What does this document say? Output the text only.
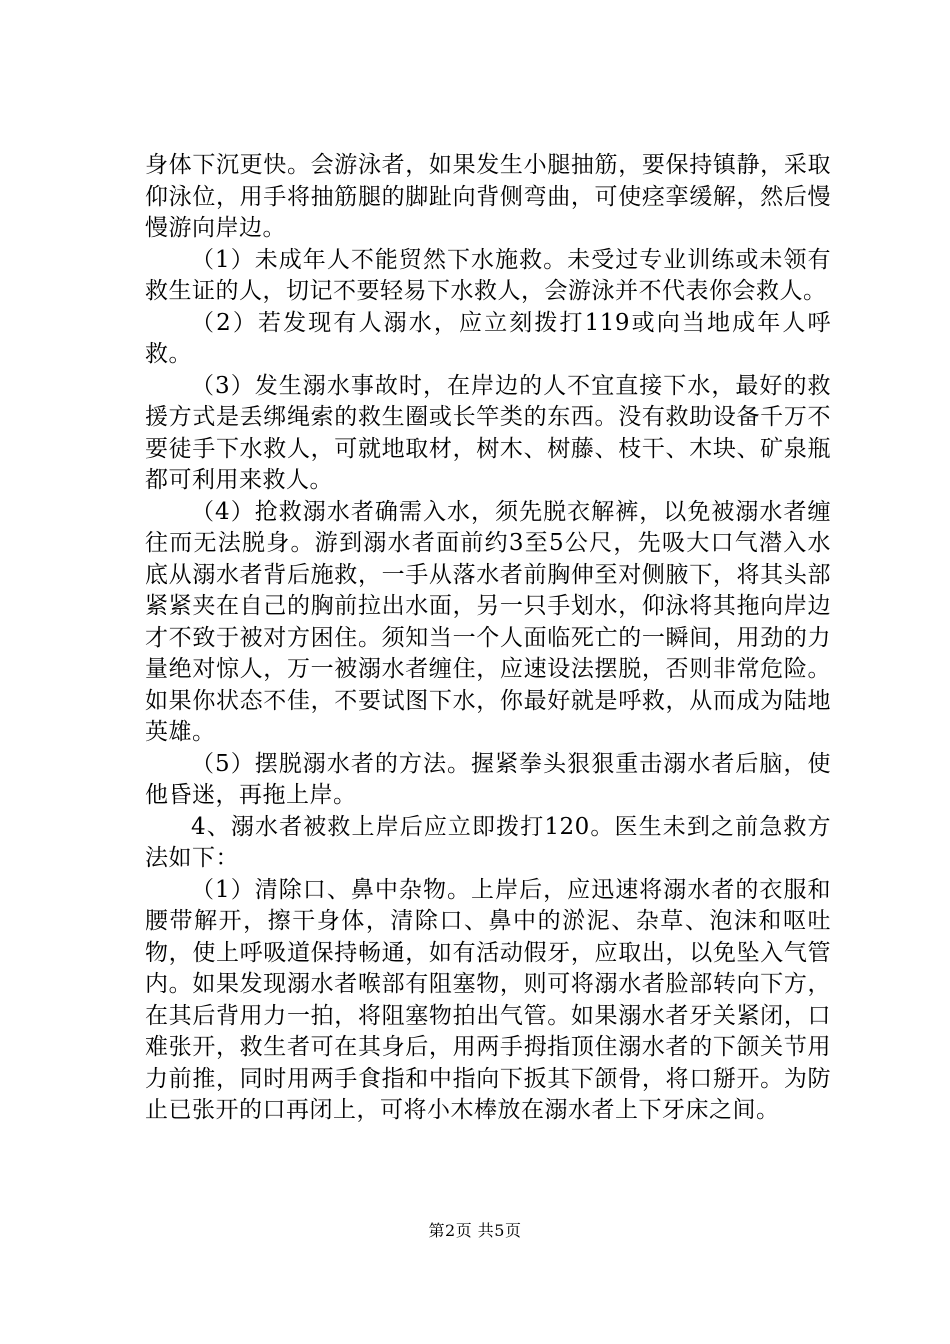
身体下沉更快。会游泳者，如果发生小腿抽筋，要保持镇静，采取仰泳位，用手将抽筋腿的脚趾向背侧弯曲，可使痉挛缓解，然后慢慢游向岸边。

（1）未成年人不能贸然下水施救。未受过专业训练或未领有救生证的人，切记不要轻易下水救人，会游泳并不代表你会救人。

（2）若发现有人溺水，应立刻拨打119或向当地成年人呼救。

（3）发生溺水事故时，在岸边的人不宜直接下水，最好的救援方式是丢绑绳索的救生圈或长竿类的东西。没有救助设备千万不要徒手下水救人，可就地取材，树木、树藤、枝干、木块、矿泉瓶都可利用来救人。

（4）抢救溺水者确需入水，须先脱衣解裤，以免被溺水者缠往而无法脱身。游到溺水者面前约3至5公尺，先吸大口气潜入水底从溺水者背后施救，一手从落水者前胸伸至对侧腋下，将其头部紧紧夹在自己的胸前拉出水面，另一只手划水，仰泳将其拖向岸边才不致于被对方困住。须知当一个人面临死亡的一瞬间，用劲的力量绝对惊人，万一被溺水者缠住，应速设法摆脱，否则非常危险。如果你状态不佳，不要试图下水，你最好就是呼救，从而成为陆地英雄。

（5）摆脱溺水者的方法。握紧拳头狠狠重击溺水者后脑，使他昏迷，再拖上岸。

4、溺水者被救上岸后应立即拨打120。医生未到之前急救方法如下：

（1）清除口、鼻中杂物。上岸后，应迅速将溺水者的衣服和腰带解开，擦干身体，清除口、鼻中的淤泥、杂草、泡沫和呕吐物，使上呼吸道保持畅通，如有活动假牙，应取出，以免坠入气管内。如果发现溺水者喉部有阻塞物，则可将溺水者脸部转向下方，在其后背用力一拍，将阻塞物拍出气管。如果溺水者牙关紧闭，口难张开，救生者可在其身后，用两手拇指顶住溺水者的下颌关节用力前推，同时用两手食指和中指向下扳其下颌骨，将口掰开。为防止已张开的口再闭上，可将小木棒放在溺水者上下牙床之间。

第2页 共5页
